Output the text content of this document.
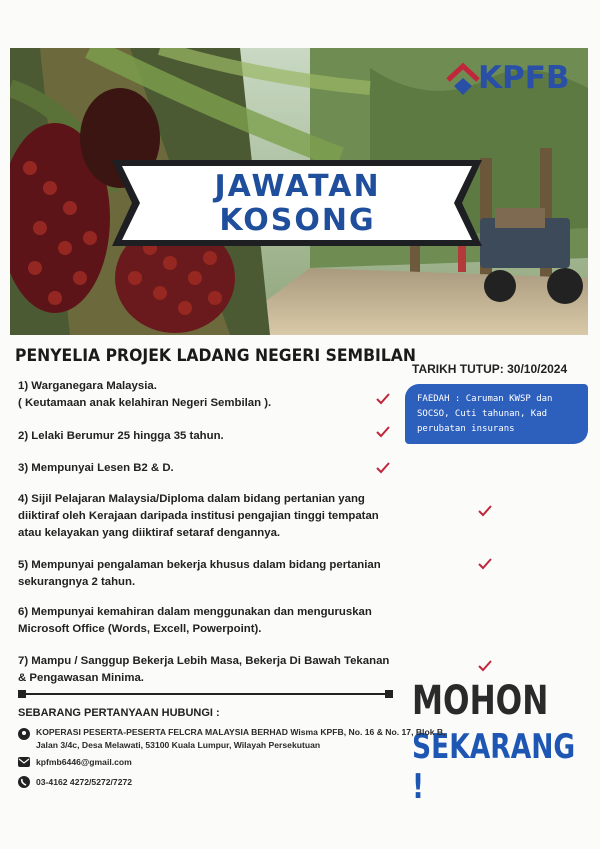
KPFB
JAWATAN
KOSONG
PENYELIA PROJEK LADANG NEGERI SEMBILAN
TARIKH TUTUP: 30/10/2024
FAEDAH : Caruman KWSP dan SOCSO, Cuti tahunan, Kad perubatan insurans
1) Warganegara Malaysia.
( Keutamaan anak kelahiran Negeri Sembilan ).
2) Lelaki Berumur 25 hingga 35 tahun.
3) Mempunyai Lesen B2 & D.
4) Sijil Pelajaran Malaysia/Diploma dalam bidang pertanian yang
diiktiraf oleh Kerajaan daripada institusi pengajian tinggi tempatan
atau kelayakan yang diiktiraf setaraf dengannya.
5) Mempunyai pengalaman bekerja khusus dalam bidang pertanian
sekurangnya 2 tahun.
6) Mempunyai kemahiran dalam menggunakan dan menguruskan
Microsoft Office (Words, Excell, Powerpoint).
7) Mampu / Sanggup Bekerja Lebih Masa, Bekerja Di Bawah Tekanan
& Pengawasan Minima.	MOHON
SEKARANG !
SEBARANG PERTANYAAN HUBUNGI :
KOPERASI PESERTA-PESERTA FELCRA MALAYSIA BERHAD Wisma KPFB, No. 16 & No. 17, Blok B,
Jalan 3/4c, Desa Melawati, 53100 Kuala Lumpur, Wilayah Persekutuan
kpfmb6446@gmail.com
03-4162 4272/5272/7272
